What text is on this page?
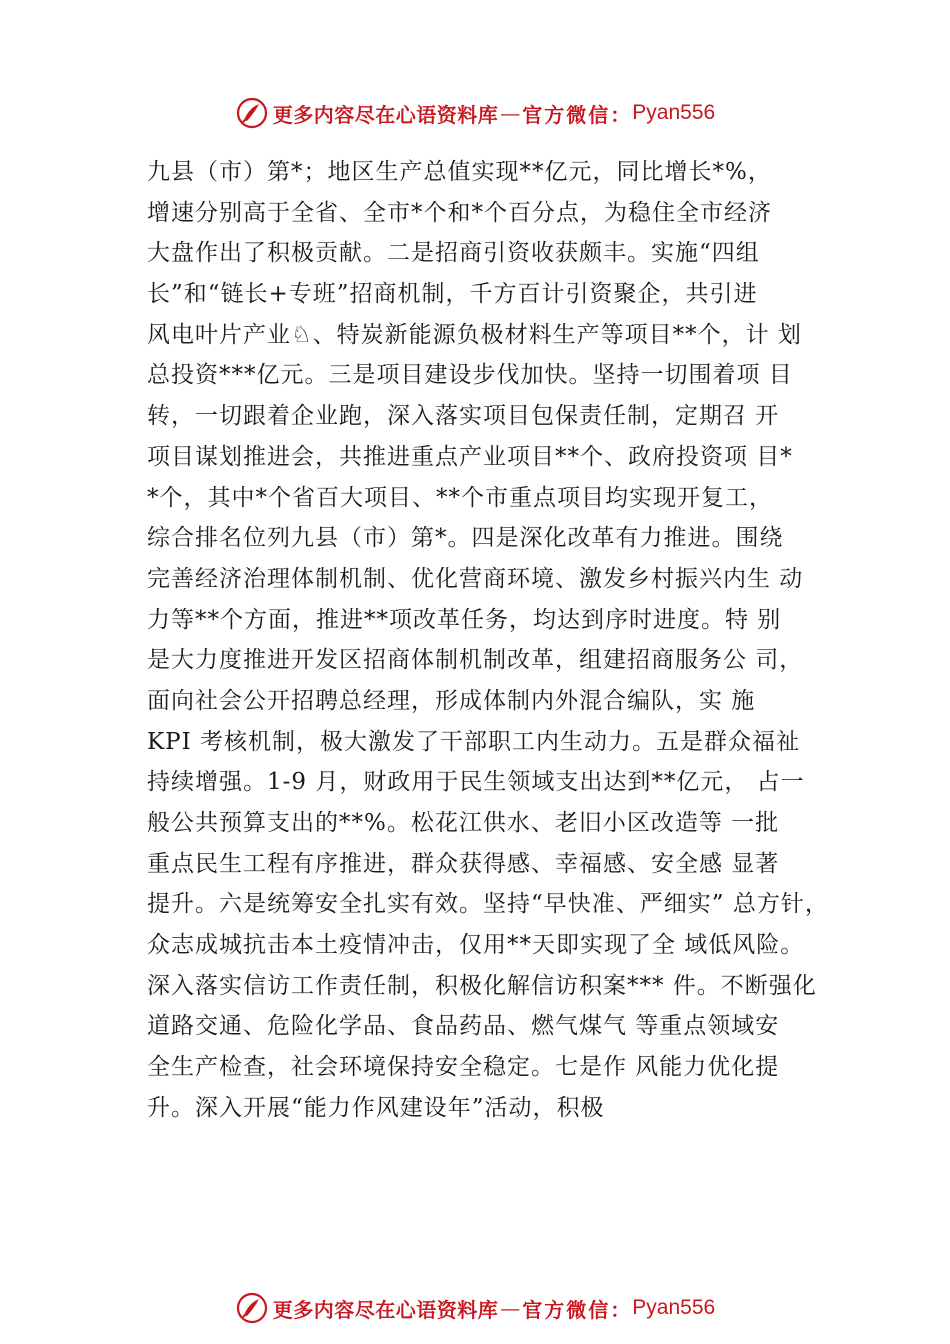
更多内容尽在心语资料库 — 官方微信： Pyan556
九县（市）第*；地区生产总值实现**亿元，同比增长*%，
增速分别高于全省、全市*个和*个百分点，为稳住全市经济
大盘作出了积极贡献。二是招商引资收获颇丰。实施“四组
长”和“链长+专班”招商机制，千方百计引资聚企，共引进
风电叶片产业♘、特炭新能源负极材料生产等项目**个，计 划
总投资***亿元。三是项目建设步伐加快。坚持一切围着项 目
转，一切跟着企业跑，深入落实项目包保责任制，定期召 开
项目谋划推进会，共推进重点产业项目**个、政府投资项 目*
*个，其中*个省百大项目、**个市重点项目均实现开复工，
综合排名位列九县（市）第*。四是深化改革有力推进。围绕
完善经济治理体制机制、优化营商环境、激发乡村振兴内生 动
力等**个方面，推进**项改革任务，均达到序时进度。特 别
是大力度推进开发区招商体制机制改革，组建招商服务公 司，
面向社会公开招聘总经理，形成体制内外混合编队，实 施
KPI 考核机制，极大激发了干部职工内生动力。五是群众福祉
持续增强。1-9 月，财政用于民生领域支出达到**亿元， 占一
般公共预算支出的**%。松花江供水、老旧小区改造等 一批
重点民生工程有序推进，群众获得感、幸福感、安全感 显著
提升。六是统筹安全扎实有效。坚持“早快准、严细实” 总方针，
众志成城抗击本土疫情冲击，仅用**天即实现了全 域低风险。
深入落实信访工作责任制，积极化解信访积案*** 件。不断强化
道路交通、危险化学品、食品药品、燃气煤气 等重点领域安
全生产检查，社会环境保持安全稳定。七是作 风能力优化提
升。深入开展“能力作风建设年”活动，积极
更多内容尽在心语资料库 — 官方微信： Pyan556
